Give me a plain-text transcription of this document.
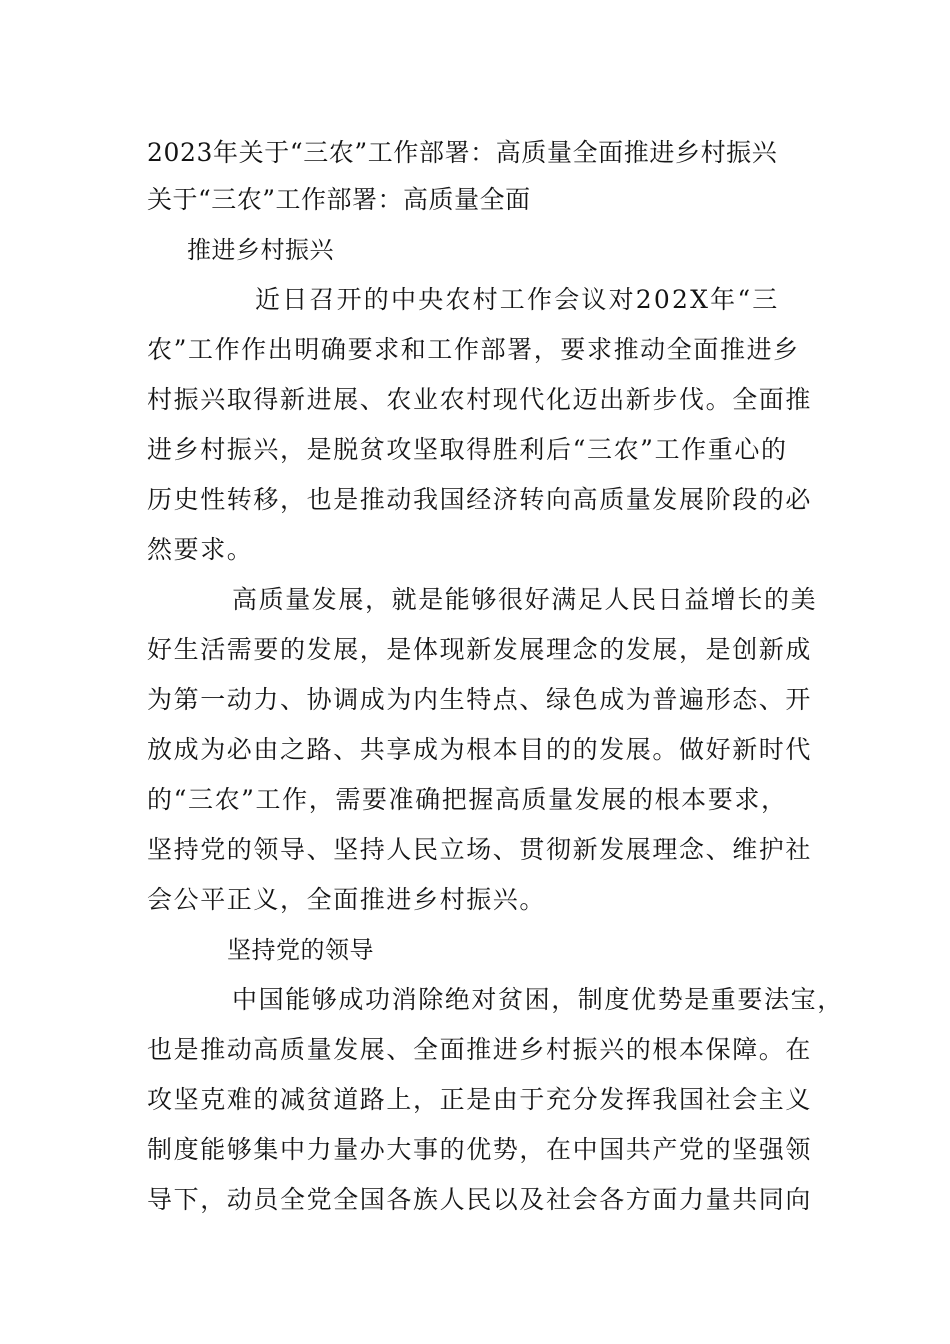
2023年关于“三农”工作部署：高质量全面推进乡村振兴
关于“三农”工作部署：高质量全面
推进乡村振兴
近日召开的中央农村工作会议对202X年“三
农”工作作出明确要求和工作部署，要求推动全面推进乡
村振兴取得新进展、农业农村现代化迈出新步伐。全面推
进乡村振兴，是脱贫攻坚取得胜利后“三农”工作重心的
历史性转移，也是推动我国经济转向高质量发展阶段的必
然要求。
高质量发展，就是能够很好满足人民日益增长的美
好生活需要的发展，是体现新发展理念的发展，是创新成
为第一动力、协调成为内生特点、绿色成为普遍形态、开
放成为必由之路、共享成为根本目的的发展。做好新时代
的“三农”工作，需要准确把握高质量发展的根本要求，
坚持党的领导、坚持人民立场、贯彻新发展理念、维护社
会公平正义，全面推进乡村振兴。
坚持党的领导
中国能够成功消除绝对贫困，制度优势是重要法宝，
也是推动高质量发展、全面推进乡村振兴的根本保障。在
攻坚克难的减贫道路上，正是由于充分发挥我国社会主义
制度能够集中力量办大事的优势，在中国共产党的坚强领
导下，动员全党全国各族人民以及社会各方面力量共同向
